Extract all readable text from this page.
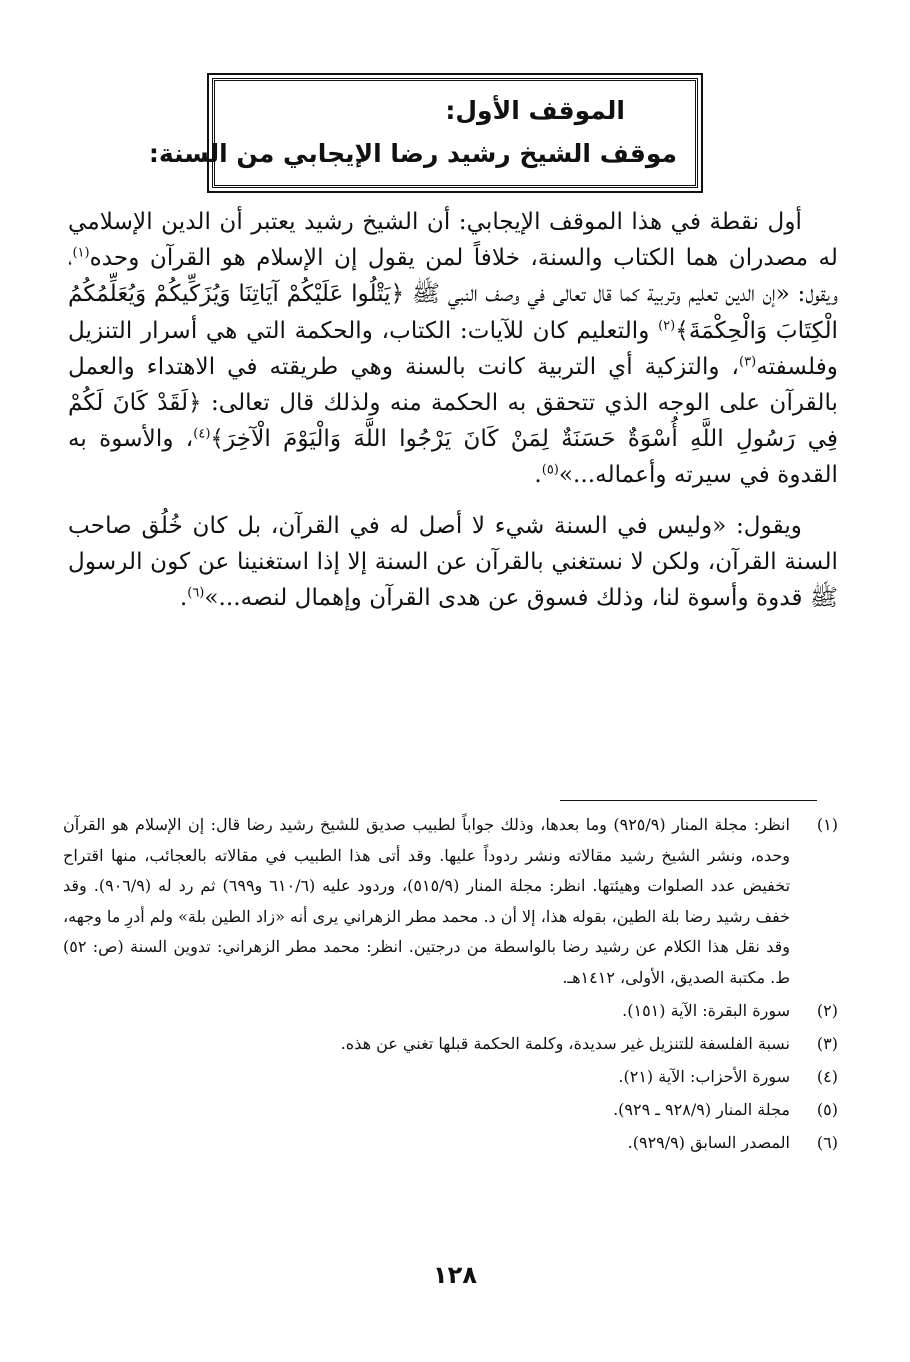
الموقف الأول:
موقف الشيخ رشيد رضا الإيجابي من السنة:

أول نقطة في هذا الموقف الإيجابي: أن الشيخ رشيد يعتبر أن الدين الإسلامي له مصدران هما الكتاب والسنة، خلافاً لمن يقول إن الإسلام هو القرآن وحده$^{(١)}$، ويقول: «إن الدين تعليم وتربية كما قال تعالى في وصف النبي ﷺ ﴿يَتْلُوا عَلَيْكُمْ آيَاتِنَا وَيُزَكِّيكُمْ وَيُعَلِّمُكُمُ الْكِتَابَ وَالْحِكْمَةَ﴾$^{(٢)}$ والتعليم كان للآيات: الكتاب، والحكمة التي هي أسرار التنزيل وفلسفته$^{(٣)}$، والتزكية أي التربية كانت بالسنة وهي طريقته في الاهتداء والعمل بالقرآن على الوجه الذي تتحقق به الحكمة منه ولذلك قال تعالى: ﴿لَقَدْ كَانَ لَكُمْ فِي رَسُولِ اللَّهِ أُسْوَةٌ حَسَنَةٌ لِمَنْ كَانَ يَرْجُوا اللَّهَ وَالْيَوْمَ الْآخِرَ﴾$^{(٤)}$، والأسوة به القدوة في سيرته وأعماله...»$^{(٥)}$.

ويقول: «وليس في السنة شيء لا أصل له في القرآن، بل كان خُلُق صاحب السنة القرآن، ولكن لا نستغني بالقرآن عن السنة إلا إذا استغنينا عن كون الرسول ﷺ قدوة وأسوة لنا، وذلك فسوق عن هدى القرآن وإهمال لنصه...»$^{(٦)}$.

(١)
انظر: مجلة المنار (٩٢٥/٩) وما بعدها، وذلك جواباً لطبيب صديق للشيخ رشيد رضا قال: إن الإسلام هو القرآن وحده، ونشر الشيخ رشيد مقالاته ونشر ردوداً عليها. وقد أتى هذا الطبيب في مقالاته بالعجائب، منها اقتراح تخفيض عدد الصلوات وهيئتها. انظر: مجلة المنار (٥١٥/٩)، وردود عليه (٦١٠/٦ و٦٩٩) ثم رد له (٩٠٦/٩). وقد خفف رشيد رضا بلة الطين، بقوله هذا، إلا أن د. محمد مطر الزهراني يرى أنه «زاد الطين بلة» ولم أدرِ ما وجهه، وقد نقل هذا الكلام عن رشيد رضا بالواسطة من درجتين. انظر: محمد مطر الزهراني: تدوين السنة (ص: ٥٢) ط. مكتبة الصديق، الأولى، ١٤١٢هـ.
(٢)
سورة البقرة: الآية (١٥١).
(٣)
نسبة الفلسفة للتنزيل غير سديدة، وكلمة الحكمة قبلها تغني عن هذه.
(٤)
سورة الأحزاب: الآية (٢١).
(٥)
مجلة المنار (٩٢٨/٩ ـ ٩٢٩).
(٦)
المصدر السابق (٩٢٩/٩).
١٢٨
